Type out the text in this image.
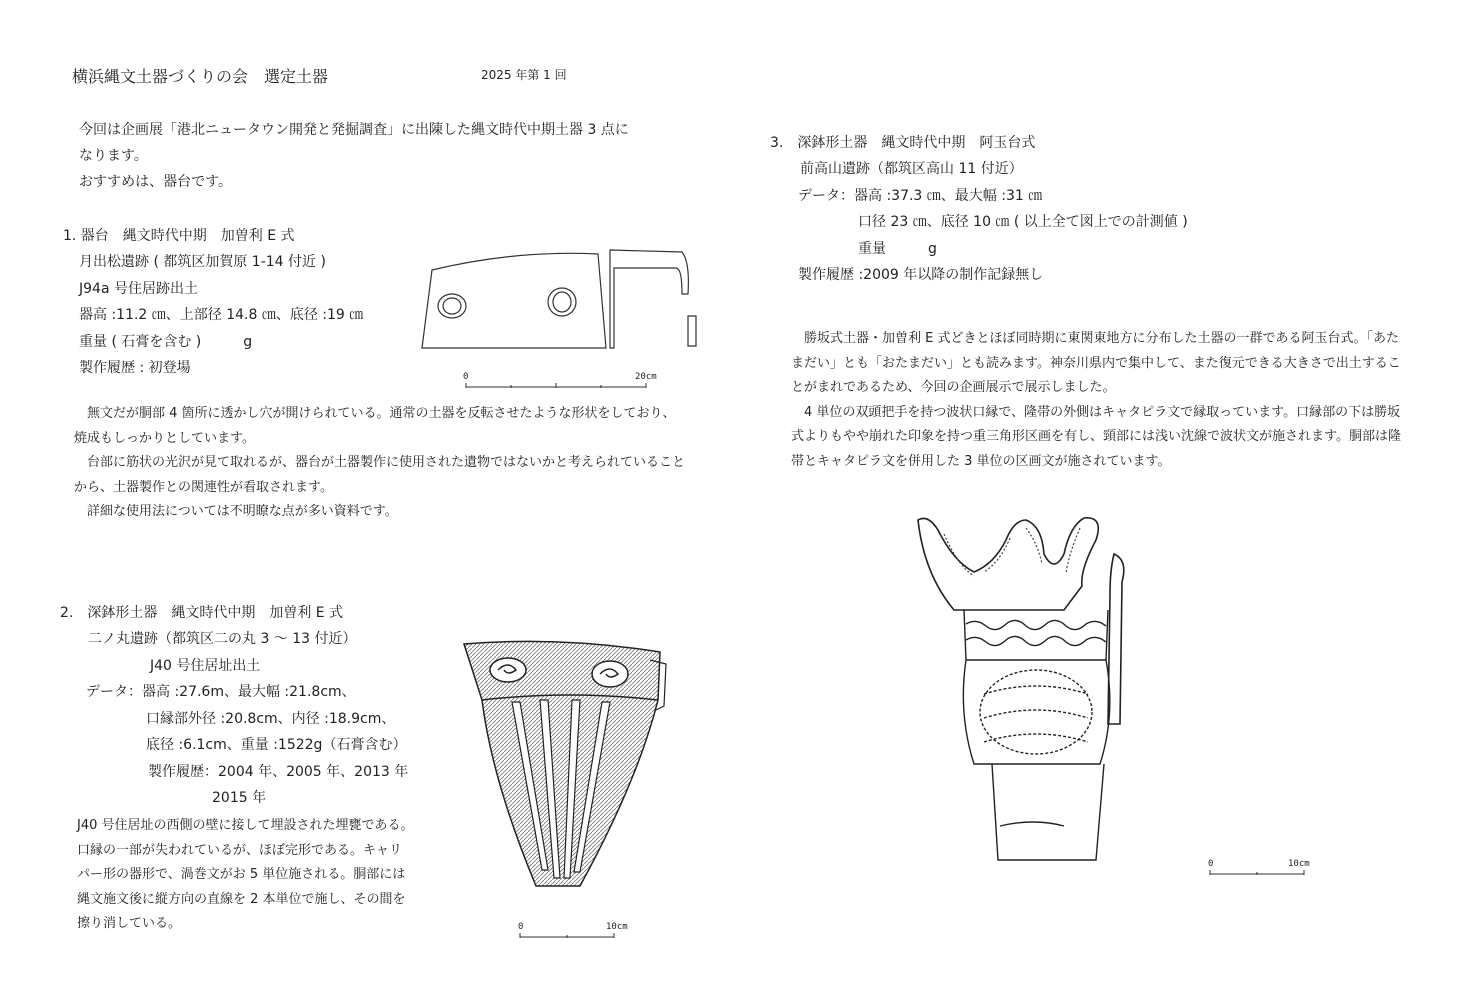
横浜縄文土器づくりの会　選定土器	2025 年第 1 回
今回は企画展「港北ニュータウン開発と発掘調査」に出陳した縄文時代中期土器 3 点に
なります。
おすすめは、器台です。
1. 器台　縄文時代中期　加曽利 E 式
月出松遺跡 ( 都筑区加賀原 1-14 付近 )
J94a 号住居跡出土
器高 :11.2 ㎝、上部径 14.8 ㎝、底径 :19 ㎝
重量 ( 石膏を含む )　　　g
製作履歴 : 初登場
0	20cm

無文だが胴部 4 箇所に透かし穴が開けられている。通常の土器を反転させたような形状をしており、焼成もしっかりとしています。

台部に筋状の光沢が見て取れるが、器台が土器製作に使用された遺物ではないかと考えられていることから、土器製作との関連性が看取されます。

詳細な使用法については不明瞭な点が多い資料です。

2.　深鉢形土器　縄文時代中期　加曽利 E 式
二ノ丸遺跡（都筑区二の丸 3 ～ 13 付近）
J40 号住居址出土
データ：器高 :27.6m、最大幅 :21.8cm、
口縁部外径 :20.8cm、内径 :18.9cm、
底径 :6.1cm、重量 :1522g（石膏含む）
製作履歴：2004 年、2005 年、2013 年
2015 年

J40 号住居址の西側の壁に接して埋設された埋甕である。

口縁の一部が失われているが、ほぼ完形である。キャリ

パー形の器形で、渦巻文がお 5 単位施される。胴部には

縄文施文後に縦方向の直線を 2 本単位で施し、その間を

擦り消している。	0	10cm
3.　深鉢形土器　縄文時代中期　阿玉台式
前高山遺跡（都筑区高山 11 付近）
データ：器高 :37.3 ㎝、最大幅 :31 ㎝
口径 23 ㎝、底径 10 ㎝ ( 以上全て図上での計測値 )
重量　　　g
製作履歴 :2009 年以降の制作記録無し

勝坂式土器・加曽利 E 式どきとほぼ同時期に東関東地方に分布した土器の一群である阿玉台式。「あたまだい」とも「おたまだい」とも読みます。神奈川県内で集中して、また復元できる大きさで出土することがまれであるため、今回の企画展示で展示しました。

4 単位の双頭把手を持つ波状口縁で、隆帯の外側はキャタピラ文で縁取っています。口縁部の下は勝坂式よりもやや崩れた印象を持つ重三角形区画を有し、頸部には浅い沈線で波状文が施されます。胴部は隆帯とキャタピラ文を併用した 3 単位の区画文が施されています。

0	10cm
